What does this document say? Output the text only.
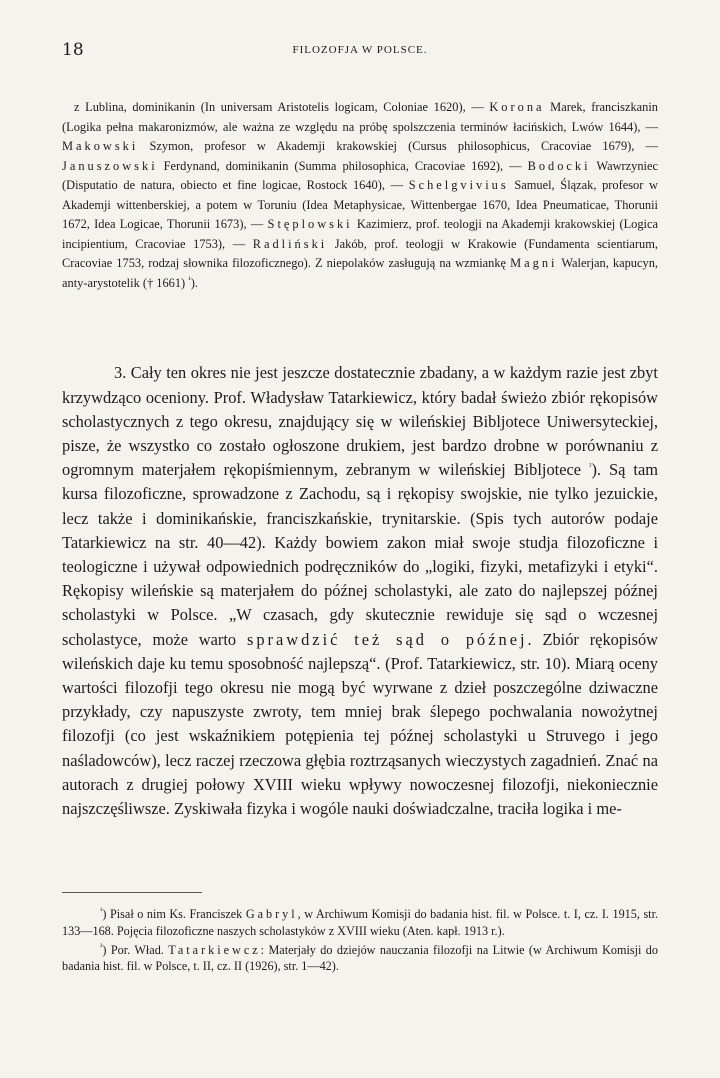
18	FILOZOFJA W POLSCE.

z Lublina, dominikanin (In universam Aristotelis logicam, Coloniae 1620), — Korona Marek, franciszkanin (Logika pełna makaronizmów, ale ważna ze względu na próbę spolszczenia terminów łacińskich, Lwów 1644), — Makowski Szymon, profesor w Akademji krakowskiej (Cursus philosophicus, Cracoviae 1679), — Januszowski Ferdynand, dominikanin (Summa philosophica, Cracoviae 1692), — Bodocki Wawrzyniec (Disputatio de natura, obiecto et fine logicae, Rostock 1640), — Schelgvivius Samuel, Ślązak, profesor w Akademji wittenberskiej, a potem w Toruniu (Idea Metaphysicae, Wittenbergae 1670, Idea Pneumaticae, Thorunii 1672, Idea Logicae, Thorunii 1673), — Stęplowski Kazimierz, prof. teologji na Akademji krakowskiej (Logica incipientium, Cracoviae 1753), — Radliński Jakób, prof. teologji w Krakowie (Fundamenta scientiarum, Cracoviae 1753, rodzaj słownika filozoficznego). Z niepolaków zasługują na wzmiankę Magni Walerjan, kapucyn, anty-arystotelik († 1661) $^{^1}$).

3. Cały ten okres nie jest jeszcze dostatecznie zbadany, a w każdym razie jest zbyt krzywdząco oceniony. Prof. Władysław Tatarkiewicz, który badał świeżo zbiór rękopisów scholastycznych z tego okresu, znajdujący się w wileńskiej Bibljotece Uniwersyteckiej, pisze, że wszystko co zostało ogłoszone drukiem, jest bardzo drobne w porównaniu z ogromnym materjałem rękopiśmiennym, zebranym w wileńskiej Bibljotece $^{^2}$). Są tam kursa filozoficzne, sprowadzone z Zachodu, są i rękopisy swojskie, nie tylko jezuickie, lecz także i dominikańskie, franciszkańskie, trynitarskie. (Spis tych autorów podaje Tatarkiewicz na str. 40—42). Każdy bowiem zakon miał swoje studja filozoficzne i teologiczne i używał odpowiednich podręczników do „logiki, fizyki, metafizyki i etyki“. Rękopisy wileńskie są materjałem do późnej scholastyki, ale zato do najlepszej późnej scholastyki w Polsce. „W czasach, gdy skutecznie rewiduje się sąd o wczesnej scholastyce, może warto sprawdzić też sąd o późnej. Zbiór rękopisów wileńskich daje ku temu sposobność najlepszą“. (Prof. Tatarkiewicz, str. 10). Miarą oceny wartości filozofji tego okresu nie mogą być wyrwane z dzieł poszczególne dziwaczne przykłady, czy napuszyste zwroty, tem mniej brak ślepego pochwalania nowożytnej filozofji (co jest wskaźnikiem potępienia tej późnej scholastyki u Struvego i jego naśladowców), lecz raczej rzeczowa głębia roztrząsanych wieczystych zagadnień. Znać na autorach z drugiej połowy XVIII wieku wpływy nowoczesnej filozofji, niekoniecznie najszczęśliwsze. Zyskiwała fizyka i wogóle nauki doświadczalne, traciła logika i me-

$^{^1}$) Pisał o nim Ks. Franciszek Gabryl, w Archiwum Komisji do badania hist. fil. w Polsce. t. I, cz. I. 1915, str. 133—168. Pojęcia filozoficzne naszych scholastyków z XVIII wieku (Aten. kapł. 1913 r.).

$^{^2}$) Por. Wład. Tatarkiewcz: Materjały do dziejów nauczania filozofji na Litwie (w Archiwum Komisji do badania hist. fil. w Polsce, t. II, cz. II (1926), str. 1—42).
